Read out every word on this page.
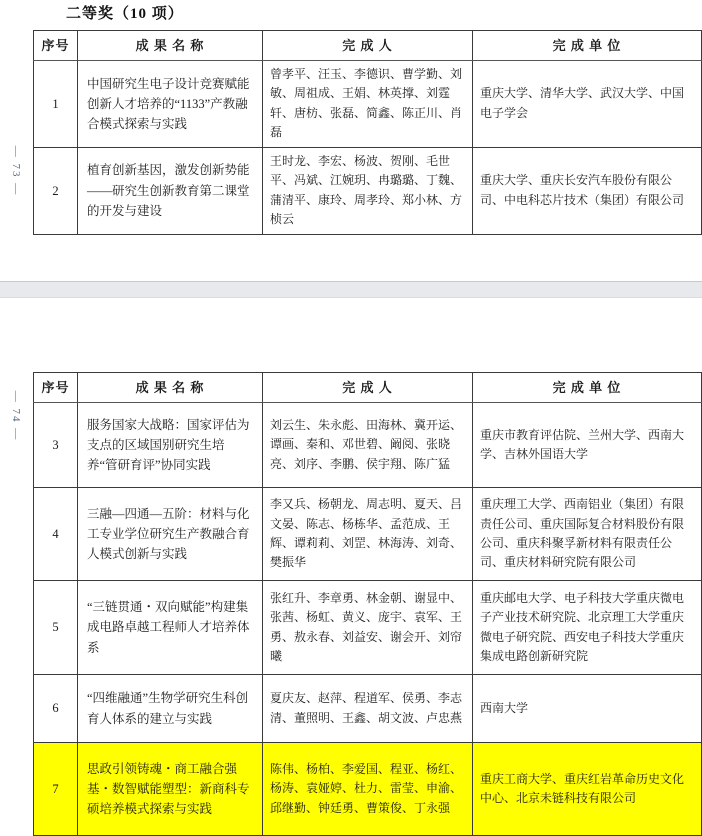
二等奖（10 项）
— 73 —
序号	成 果 名 称	完 成 人	完 成 单 位
1	中国研究生电子设计竞赛赋能创新人才培养的“1133”产教融合模式探索与实践	曾孝平、汪玉、李德识、曹学勤、刘敏、周祖成、王娟、林英撑、刘霆轩、唐枋、张磊、简鑫、陈正川、肖磊	重庆大学、清华大学、武汉大学、中国电子学会
2	植育创新基因，激发创新势能——研究生创新教育第二课堂的开发与建设	王时龙、李宏、杨波、贺刚、毛世平、冯斌、江婉玥、冉璐璐、丁魏、蒲清平、康玲、周孝玲、郑小林、方桢云	重庆大学、重庆长安汽车股份有限公司、中电科芯片技术（集团）有限公司
— 74 —
序号	成 果 名 称	完 成 人	完 成 单 位
3	服务国家大战略：国家评估为支点的区域国别研究生培养“管研育评”协同实践	刘云生、朱永彪、田海林、冀开运、谭画、秦和、邓世碧、阚阅、张晓亮、刘序、李鹏、侯宇翔、陈广猛	重庆市教育评估院、兰州大学、西南大学、吉林外国语大学
4	三融—四通—五阶：材料与化工专业学位研究生产教融合育人模式创新与实践	李又兵、杨朝龙、周志明、夏天、吕文晏、陈志、杨栋华、孟范成、王辉、谭莉莉、刘罡、林海涛、刘奇、樊振华	重庆理工大学、西南铝业（集团）有限责任公司、重庆国际复合材料股份有限公司、重庆科聚孚新材料有限责任公司、重庆材料研究院有限公司
5	“三链贯通・双向赋能”构建集成电路卓越工程师人才培养体系	张红升、李章勇、林金朝、谢显中、张茜、杨虹、黄义、庞宇、袁军、王勇、敖永春、刘益安、谢会开、刘帘曦	重庆邮电大学、电子科技大学重庆微电子产业技术研究院、北京理工大学重庆微电子研究院、西安电子科技大学重庆集成电路创新研究院
6	“四维融通”生物学研究生科创育人体系的建立与实践	夏庆友、赵萍、程道军、侯勇、李志清、董照明、王鑫、胡文波、卢忠燕	西南大学
7	思政引领铸魂・商工融合强基・数智赋能塑型：新商科专硕培养模式探索与实践	陈伟、杨柏、李爱国、程亚、杨红、杨涛、袁娅婷、杜力、雷莹、申渝、邱继勤、钟廷勇、曹策俊、丁永强	重庆工商大学、重庆红岩革命历史文化中心、北京未链科技有限公司
